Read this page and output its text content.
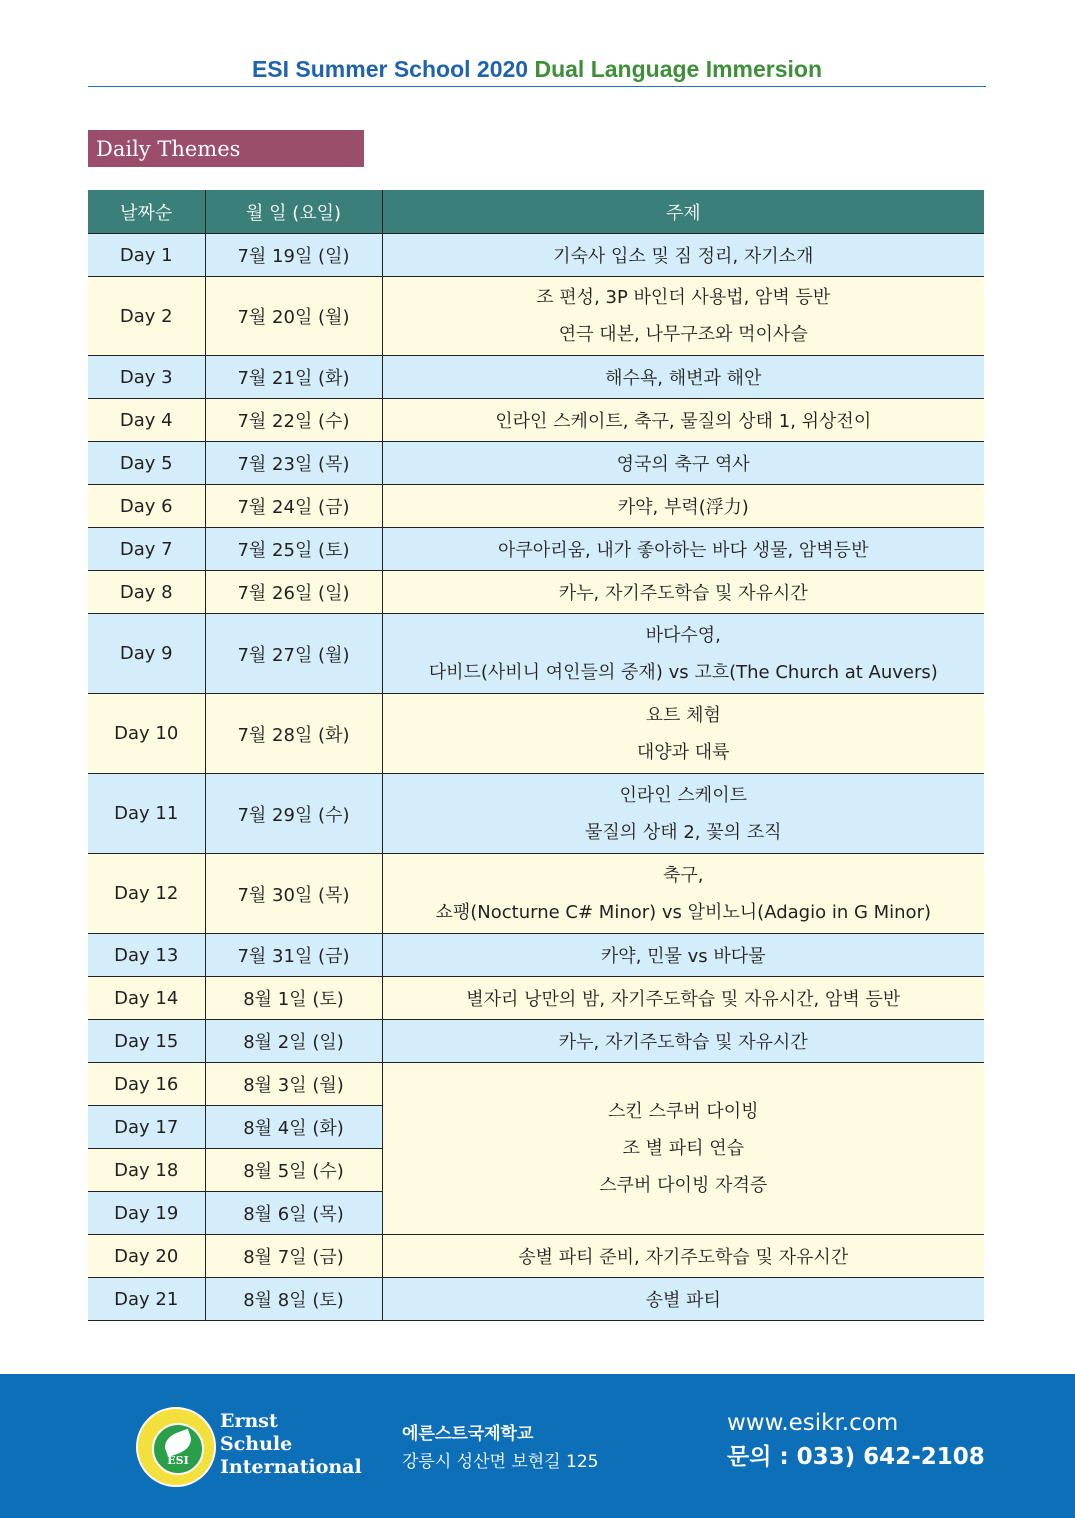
ESI Summer School 2020 Dual Language Immersion
Daily Themes
날짜순	월 일 (요일)	주제
Day 1	7월 19일 (일)	기숙사 입소 및 짐 정리, 자기소개
Day 2	7월 20일 (월)	조 편성, 3P 바인더 사용법, 암벽 등반
연극 대본, 나무구조와 먹이사슬

Day 3	7월 21일 (화)	해수욕, 해변과 해안
Day 4	7월 22일 (수)	인라인 스케이트, 축구, 물질의 상태 1, 위상전이
Day 5	7월 23일 (목)	영국의 축구 역사
Day 6	7월 24일 (금)	카약, 부력(浮力)
Day 7	7월 25일 (토)	아쿠아리움, 내가 좋아하는 바다 생물, 암벽등반
Day 8	7월 26일 (일)	카누, 자기주도학습 및 자유시간
Day 9	7월 27일 (월)	바다수영,
다비드(사비니 여인들의 중재) vs 고흐(The Church at Auvers)

Day 10	7월 28일 (화)	요트 체험
대양과 대륙

Day 11	7월 29일 (수)	인라인 스케이트
물질의 상태 2, 꽃의 조직

Day 12	7월 30일 (목)	축구,
쇼팽(Nocturne C# Minor) vs 알비노니(Adagio in G Minor)

Day 13	7월 31일 (금)	카약, 민물 vs 바다물
Day 14	8월 1일 (토)	별자리 낭만의 밤, 자기주도학습 및 자유시간, 암벽 등반
Day 15	8월 2일 (일)	카누, 자기주도학습 및 자유시간
Day 16	8월 3일 (월)	스킨 스쿠버 다이빙
조 별 파티 연습
스쿠버 다이빙 자격증

Day 17	8월 4일 (화)	
Day 18	8월 5일 (수)	
Day 19	8월 6일 (목)	
Day 20	8월 7일 (금)	송별 파티 준비, 자기주도학습 및 자유시간
Day 21	8월 8일 (토)	송별 파티
ESI
Ernst
Schule
International
에른스트국제학교
강릉시 성산면 보현길 125
www.esikr.com
문의 : 033) 642-2108
